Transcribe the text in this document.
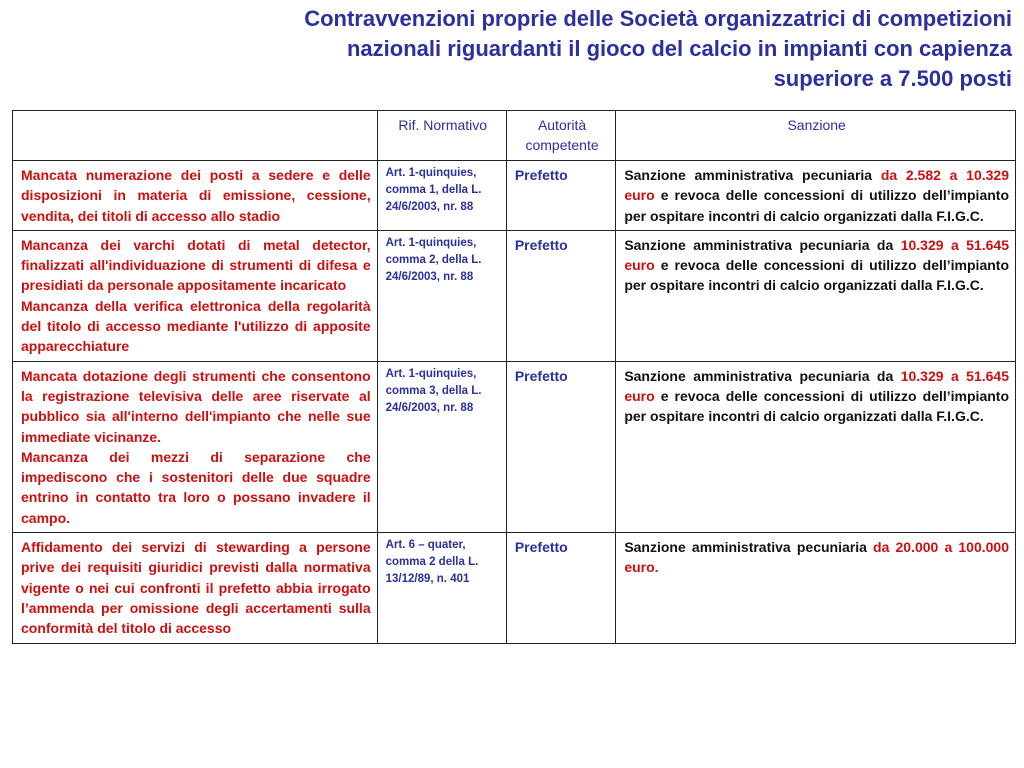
Contravvenzioni proprie delle Società organizzatrici di competizioni
nazionali riguardanti il gioco del calcio in impianti con capienza
superiore a 7.500 posti
	Rif. Normativo	Autorità competente	Sanzione

Mancata numerazione dei posti a sedere e delle disposizioni in materia di emissione, cessione, vendita, dei titoli di accesso allo stadio	Art. 1-quinquies, comma 1, della L. 24/6/2003, nr. 88	Prefetto	Sanzione amministrativa pecuniaria da 2.582 a 10.329 euro e revoca delle concessioni di utilizzo dell’impianto per ospitare incontri di calcio organizzati dalla F.I.G.C.

Mancanza dei varchi dotati di metal detector, finalizzati all'individuazione di strumenti di difesa e presidiati da personale appositamente incaricato

Mancanza della verifica elettronica della regolarità del titolo di accesso mediante l'utilizzo di apposite apparecchiature	Art. 1-quinquies, comma 2, della L. 24/6/2003, nr. 88	Prefetto	Sanzione amministrativa pecuniaria da 10.329 a 51.645 euro e revoca delle concessioni di utilizzo dell’impianto per ospitare incontri di calcio organizzati dalla F.I.G.C.

Mancata dotazione degli strumenti che consentono la registrazione televisiva delle aree riservate al pubblico sia all'interno dell'impianto che nelle sue immediate vicinanze.

Mancanza dei mezzi di separazione che impediscono che i sostenitori delle due squadre entrino in contatto tra loro o possano invadere il campo.	Art. 1-quinquies, comma 3, della L. 24/6/2003, nr. 88	Prefetto	Sanzione amministrativa pecuniaria da 10.329 a 51.645 euro e revoca delle concessioni di utilizzo dell’impianto per ospitare incontri di calcio organizzati dalla F.I.G.C.

Affidamento dei servizi di stewarding a persone prive dei requisiti giuridici previsti dalla normativa vigente o nei cui confronti il prefetto abbia irrogato l’ammenda per omissione degli accertamenti sulla conformità del titolo di accesso	Art. 6 – quater, comma 2 della L. 13/12/89, n. 401	Prefetto	Sanzione amministrativa pecuniaria da 20.000 a 100.000 euro.
